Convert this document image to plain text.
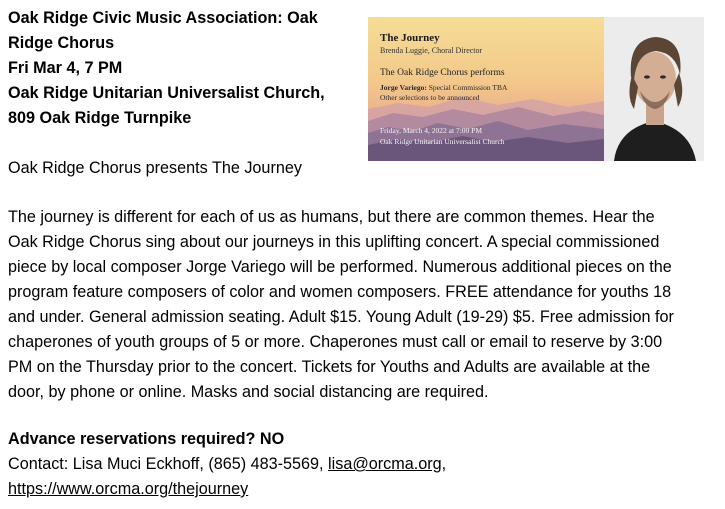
Oak Ridge Civic Music Association: Oak
Ridge Chorus
Fri Mar 4, 7 PM
Oak Ridge Unitarian Universalist Church,
809 Oak Ridge Turnpike
The Journey
Brenda Luggie, Choral Director
The Oak Ridge Chorus performs
Jorge Variego: Special Commission TBA
Other selections to be announced
Friday, March 4, 2022 at 7:00 PM
Oak Ridge Unitarian Universalist Church
Oak Ridge Chorus presents The Journey
The journey is different for each of us as humans, but there are common themes. Hear the
Oak Ridge Chorus sing about our journeys in this uplifting concert. A special commissioned
piece by local composer Jorge Variego will be performed. Numerous additional pieces on the
program feature composers of color and women composers. FREE attendance for youths 18
and under. General admission seating. Adult $15. Young Adult (19-29) $5. Free admission for
chaperones of youth groups of 5 or more. Chaperones must call or email to reserve by 3:00
PM on the Thursday prior to the concert. Tickets for Youths and Adults are available at the
door, by phone or online. Masks and social distancing are required.
Advance reservations required? NO
Contact: Lisa Muci Eckhoff, (865) 483-5569, lisa@orcma.org,
https://www.orcma.org/thejourney
